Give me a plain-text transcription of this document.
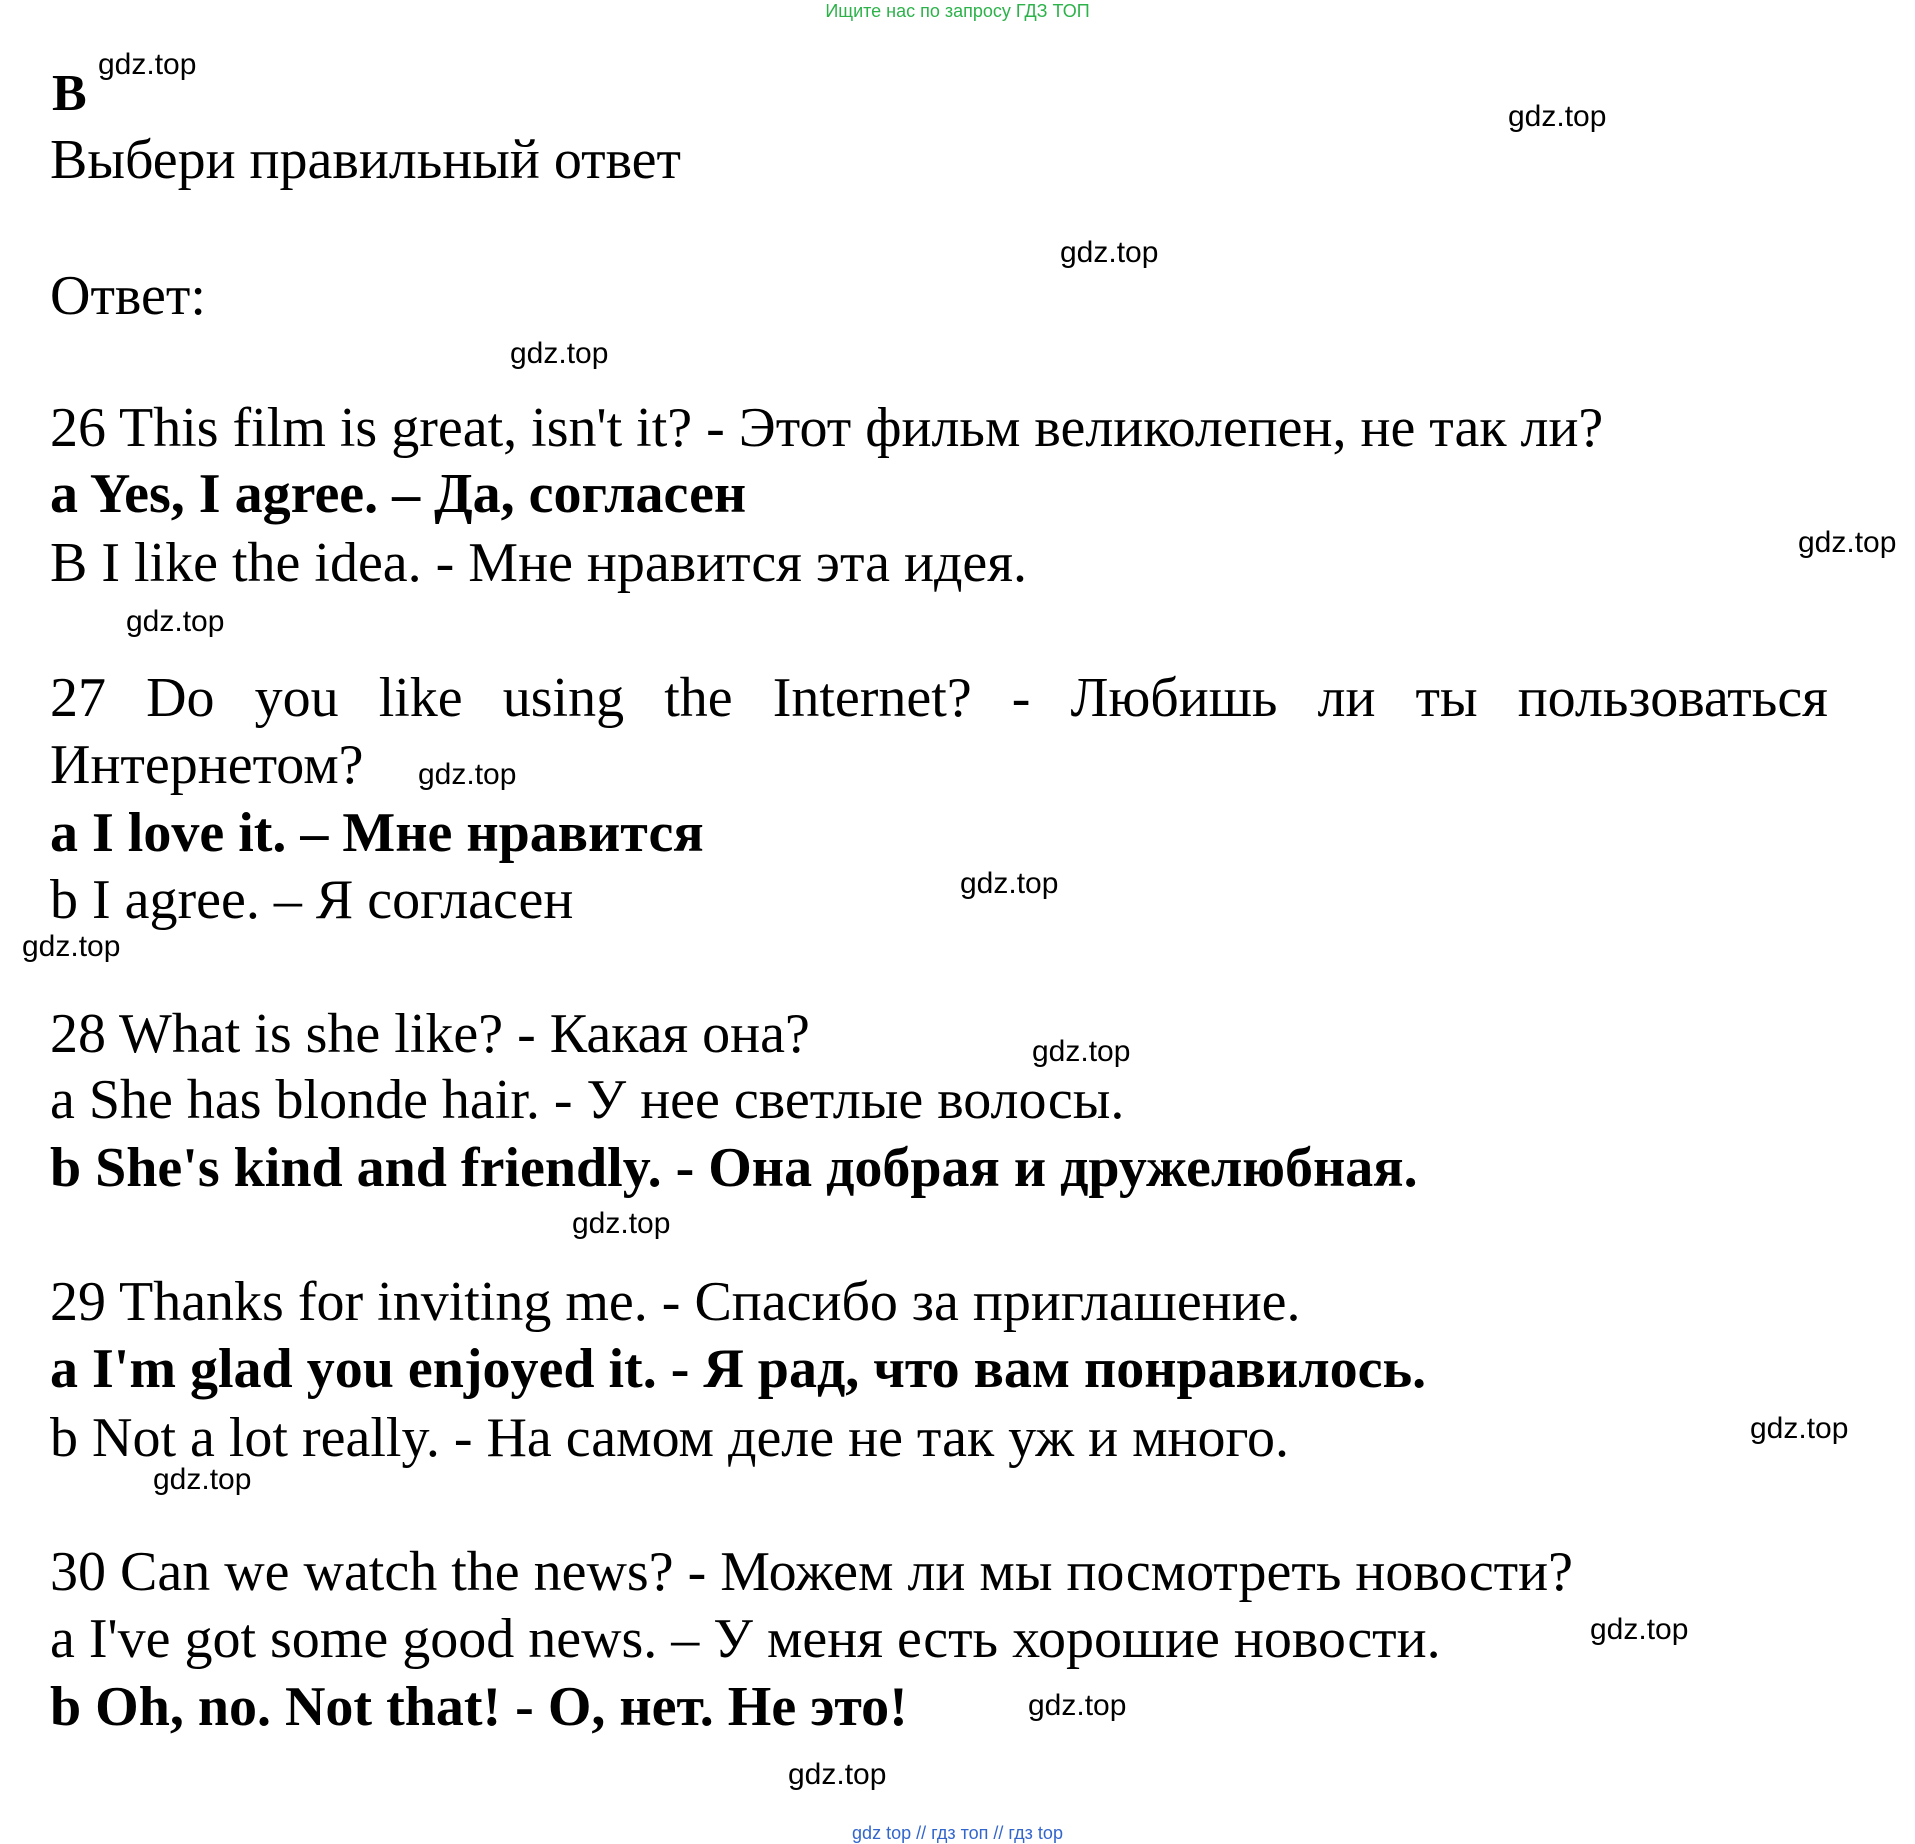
Ищите нас по запросу ГДЗ ТОП
B
Выбери правильный ответ
Ответ:
26 This film is great, isn't it? - Этот фильм великолепен, не так ли?
a Yes, I agree. – Да, согласен
B I like the idea. - Мне нравится эта идея.
27 Do you like using the Internet? - Любишь ли ты пользоваться
Интернетом?
a I love it. – Мне нравится
b I agree. – Я согласен
28 What is she like? - Какая она?
a She has blonde hair. - У нее светлые волосы.
b She's kind and friendly. - Она добрая и дружелюбная.
29 Thanks for inviting me. - Спасибо за приглашение.
a I'm glad you enjoyed it. - Я рад, что вам понравилось.
b Not a lot really. - На самом деле не так уж и много.
30 Can we watch the news? - Можем ли мы посмотреть новости?
a I've got some good news. – У меня есть хорошие новости.
b Oh, no. Not that! - О, нет. Не это!
gdz.top
gdz.top
gdz.top
gdz.top
gdz.top
gdz.top
gdz.top
gdz.top
gdz.top
gdz.top
gdz.top
gdz.top
gdz.top
gdz.top
gdz.top
gdz.top
gdz top // гдз топ // гдз top
